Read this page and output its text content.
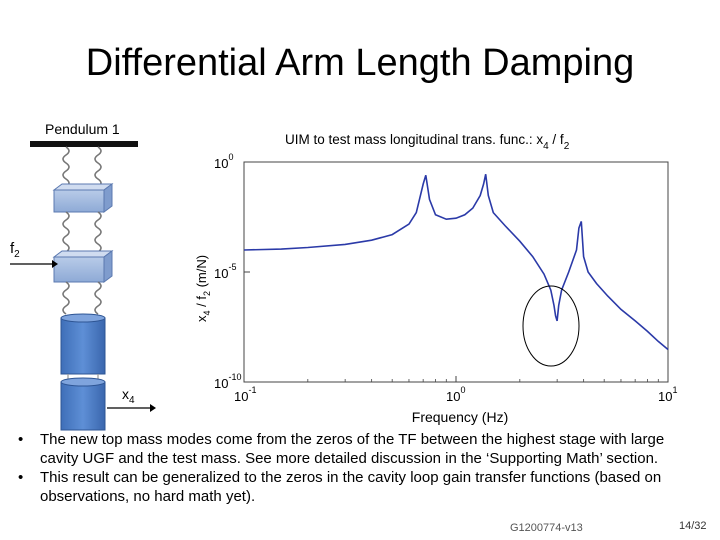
Differential Arm Length Damping
Pendulum 1
$f_2$
$x_4$
UIM to test mass longitudinal trans. func.: $x_4 / f_2$
$10^{-1}$	$10^0$	$10^1$
$10^0$
$10^{-5}$
$10^{-10}$
Frequency (Hz)
$x_4 / f_2$ (m/N)
• The new top mass modes come from the zeros of the TF between the highest stage with large cavity UGF and the test mass. See more detailed discussion in the ‘Supporting Math’ section.
• This result can be generalized to the zeros in the cavity loop gain transfer functions (based on observations, no hard math yet).
G1200774-v13	14/32
